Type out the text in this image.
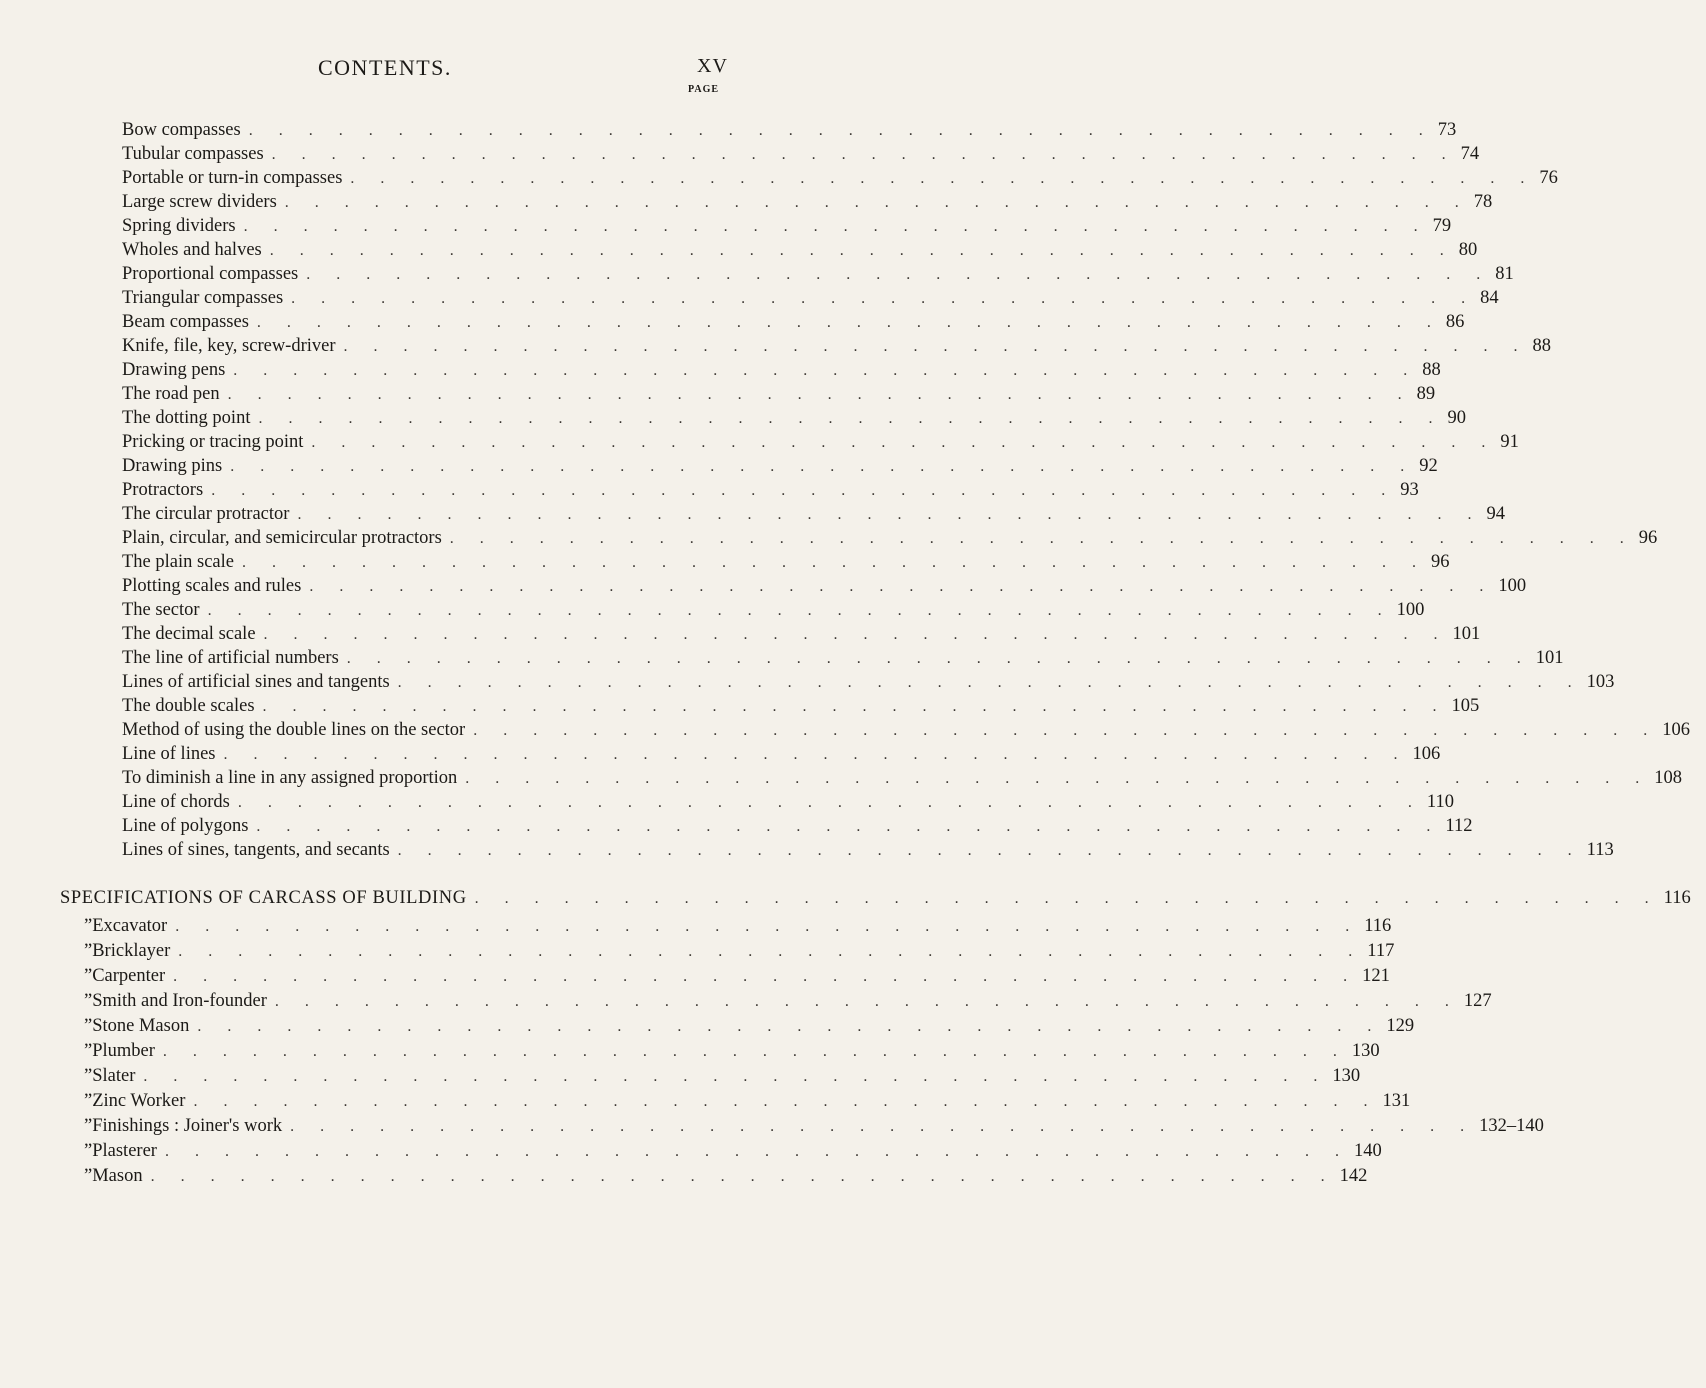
CONTENTS.	XV
PAGE
Bow compasses . . . . . . . . . . . . . . . . . . . . . . . . . . . . . . . . . . . . . . . . 73
Tubular compasses . . . . . . . . . . . . . . . . . . . . . . . . . . . . . . . . . . . . . . . . 74
Portable or turn-in compasses . . . . . . . . . . . . . . . . . . . . . . . . . . . . . . . . . . . . . . . . 76
Large screw dividers . . . . . . . . . . . . . . . . . . . . . . . . . . . . . . . . . . . . . . . . 78
Spring dividers . . . . . . . . . . . . . . . . . . . . . . . . . . . . . . . . . . . . . . . . 79
Wholes and halves . . . . . . . . . . . . . . . . . . . . . . . . . . . . . . . . . . . . . . . . 80
Proportional compasses . . . . . . . . . . . . . . . . . . . . . . . . . . . . . . . . . . . . . . . . 81
Triangular compasses . . . . . . . . . . . . . . . . . . . . . . . . . . . . . . . . . . . . . . . . 84
Beam compasses . . . . . . . . . . . . . . . . . . . . . . . . . . . . . . . . . . . . . . . . 86
Knife, file, key, screw-driver . . . . . . . . . . . . . . . . . . . . . . . . . . . . . . . . . . . . . . . . 88
Drawing pens . . . . . . . . . . . . . . . . . . . . . . . . . . . . . . . . . . . . . . . . 88
The road pen . . . . . . . . . . . . . . . . . . . . . . . . . . . . . . . . . . . . . . . . 89
The dotting point . . . . . . . . . . . . . . . . . . . . . . . . . . . . . . . . . . . . . . . . 90
Pricking or tracing point . . . . . . . . . . . . . . . . . . . . . . . . . . . . . . . . . . . . . . . . 91
Drawing pins . . . . . . . . . . . . . . . . . . . . . . . . . . . . . . . . . . . . . . . . 92
Protractors . . . . . . . . . . . . . . . . . . . . . . . . . . . . . . . . . . . . . . . . 93
The circular protractor . . . . . . . . . . . . . . . . . . . . . . . . . . . . . . . . . . . . . . . . 94
Plain, circular, and semicircular protractors . . . . . . . . . . . . . . . . . . . . . . . . . . . . . . . . . . . . . . . . 96
The plain scale . . . . . . . . . . . . . . . . . . . . . . . . . . . . . . . . . . . . . . . . 96
Plotting scales and rules . . . . . . . . . . . . . . . . . . . . . . . . . . . . . . . . . . . . . . . . 100
The sector . . . . . . . . . . . . . . . . . . . . . . . . . . . . . . . . . . . . . . . . 100
The decimal scale . . . . . . . . . . . . . . . . . . . . . . . . . . . . . . . . . . . . . . . . 101
The line of artificial numbers . . . . . . . . . . . . . . . . . . . . . . . . . . . . . . . . . . . . . . . . 101
Lines of artificial sines and tangents . . . . . . . . . . . . . . . . . . . . . . . . . . . . . . . . . . . . . . . . 103
The double scales . . . . . . . . . . . . . . . . . . . . . . . . . . . . . . . . . . . . . . . . 105
Method of using the double lines on the sector . . . . . . . . . . . . . . . . . . . . . . . . . . . . . . . . . . . . . . . . 106
Line of lines . . . . . . . . . . . . . . . . . . . . . . . . . . . . . . . . . . . . . . . . 106
To diminish a line in any assigned proportion . . . . . . . . . . . . . . . . . . . . . . . . . . . . . . . . . . . . . . . . 108
Line of chords . . . . . . . . . . . . . . . . . . . . . . . . . . . . . . . . . . . . . . . . 110
Line of polygons . . . . . . . . . . . . . . . . . . . . . . . . . . . . . . . . . . . . . . . . 112
Lines of sines, tangents, and secants . . . . . . . . . . . . . . . . . . . . . . . . . . . . . . . . . . . . . . . . 113
SPECIFICATIONS OF CARCASS OF BUILDING . . . . . . . . . . . . . . . . . . . . . . . . . . . . . . . . . . . . . . . . 116
” Excavator . . . . . . . . . . . . . . . . . . . . . . . . . . . . . . . . . . . . . . . . 116
” Bricklayer . . . . . . . . . . . . . . . . . . . . . . . . . . . . . . . . . . . . . . . . 117
” Carpenter . . . . . . . . . . . . . . . . . . . . . . . . . . . . . . . . . . . . . . . . 121
” Smith and Iron-founder . . . . . . . . . . . . . . . . . . . . . . . . . . . . . . . . . . . . . . . . 127
” Stone Mason . . . . . . . . . . . . . . . . . . . . . . . . . . . . . . . . . . . . . . . . 129
” Plumber . . . . . . . . . . . . . . . . . . . . . . . . . . . . . . . . . . . . . . . . 130
” Slater . . . . . . . . . . . . . . . . . . . . . . . . . . . . . . . . . . . . . . . . 130
” Zinc Worker . . . . . . . . . . . . . . . . . . . . . . . . . . . . . . . . . . . . . . . . 131
” Finishings : Joiner's work . . . . . . . . . . . . . . . . . . . . . . . . . . . . . . . . . . . . . . . . 132–140
” Plasterer . . . . . . . . . . . . . . . . . . . . . . . . . . . . . . . . . . . . . . . . 140
” Mason . . . . . . . . . . . . . . . . . . . . . . . . . . . . . . . . . . . . . . . . 142
